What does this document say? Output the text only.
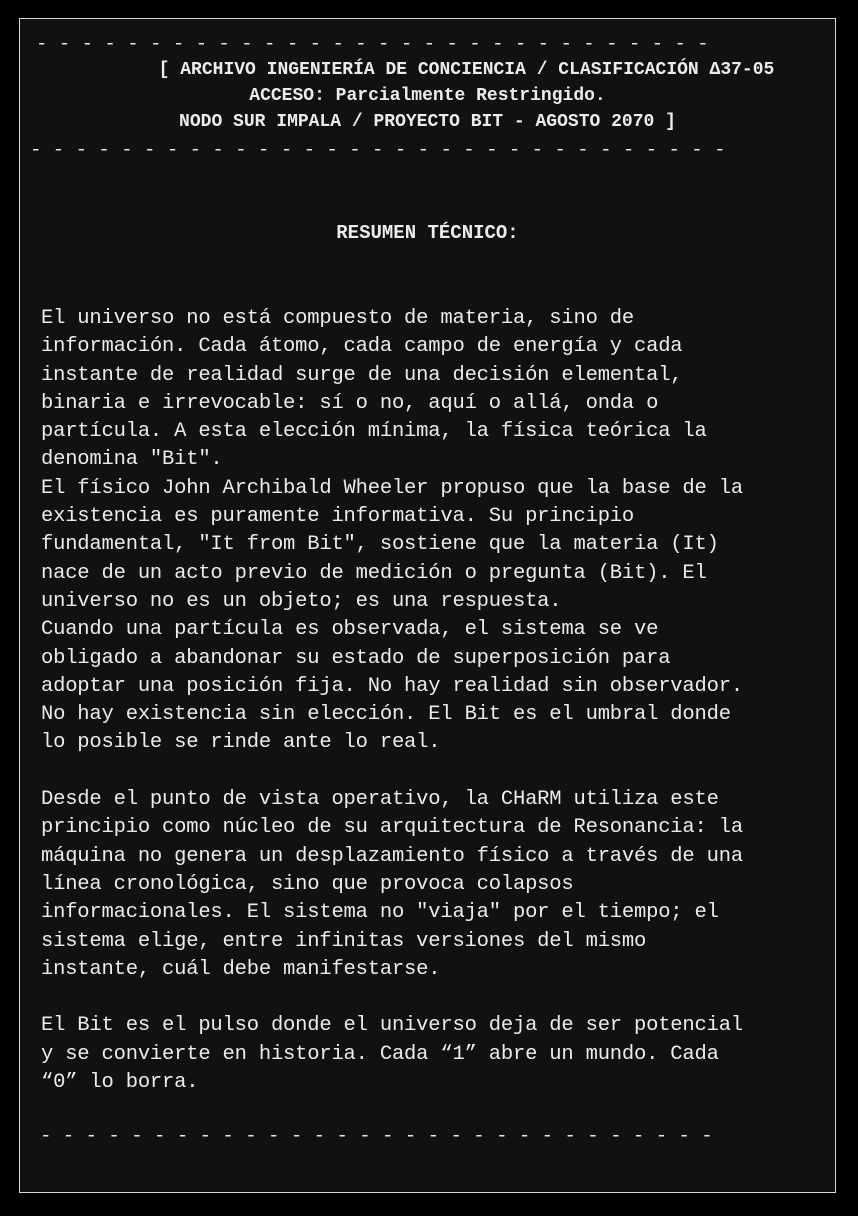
- - - - - - - - - - - - - - - - - - - - - - - - - - - - - -
[ ARCHIVO INGENIERÍA DE CONCIENCIA / CLASIFICACIÓN Δ37-05
ACCESO: Parcialmente Restringido.
NODO SUR IMPALA / PROYECTO BIT - AGOSTO 2070 ]
- - - - - - - - - - - - - - - - - - - - - - - - - - - - - - -
RESUMEN TÉCNICO:
El universo no está compuesto de materia, sino de
información. Cada átomo, cada campo de energía y cada
instante de realidad surge de una decisión elemental,
binaria e irrevocable: sí o no, aquí o allá, onda o
partícula. A esta elección mínima, la física teórica la
denomina "Bit".
El físico John Archibald Wheeler propuso que la base de la
existencia es puramente informativa. Su principio
fundamental, "It from Bit", sostiene que la materia (It)
nace de un acto previo de medición o pregunta (Bit). El
universo no es un objeto; es una respuesta.
Cuando una partícula es observada, el sistema se ve
obligado a abandonar su estado de superposición para
adoptar una posición fija. No hay realidad sin observador.
No hay existencia sin elección. El Bit es el umbral donde
lo posible se rinde ante lo real.
Desde el punto de vista operativo, la CHaRM utiliza este
principio como núcleo de su arquitectura de Resonancia: la
máquina no genera un desplazamiento físico a través de una
línea cronológica, sino que provoca colapsos
informacionales. El sistema no "viaja" por el tiempo; el
sistema elige, entre infinitas versiones del mismo
instante, cuál debe manifestarse.
El Bit es el pulso donde el universo deja de ser potencial
y se convierte en historia. Cada “1” abre un mundo. Cada
“0” lo borra.
- - - - - - - - - - - - - - - - - - - - - - - - - - - - - -
